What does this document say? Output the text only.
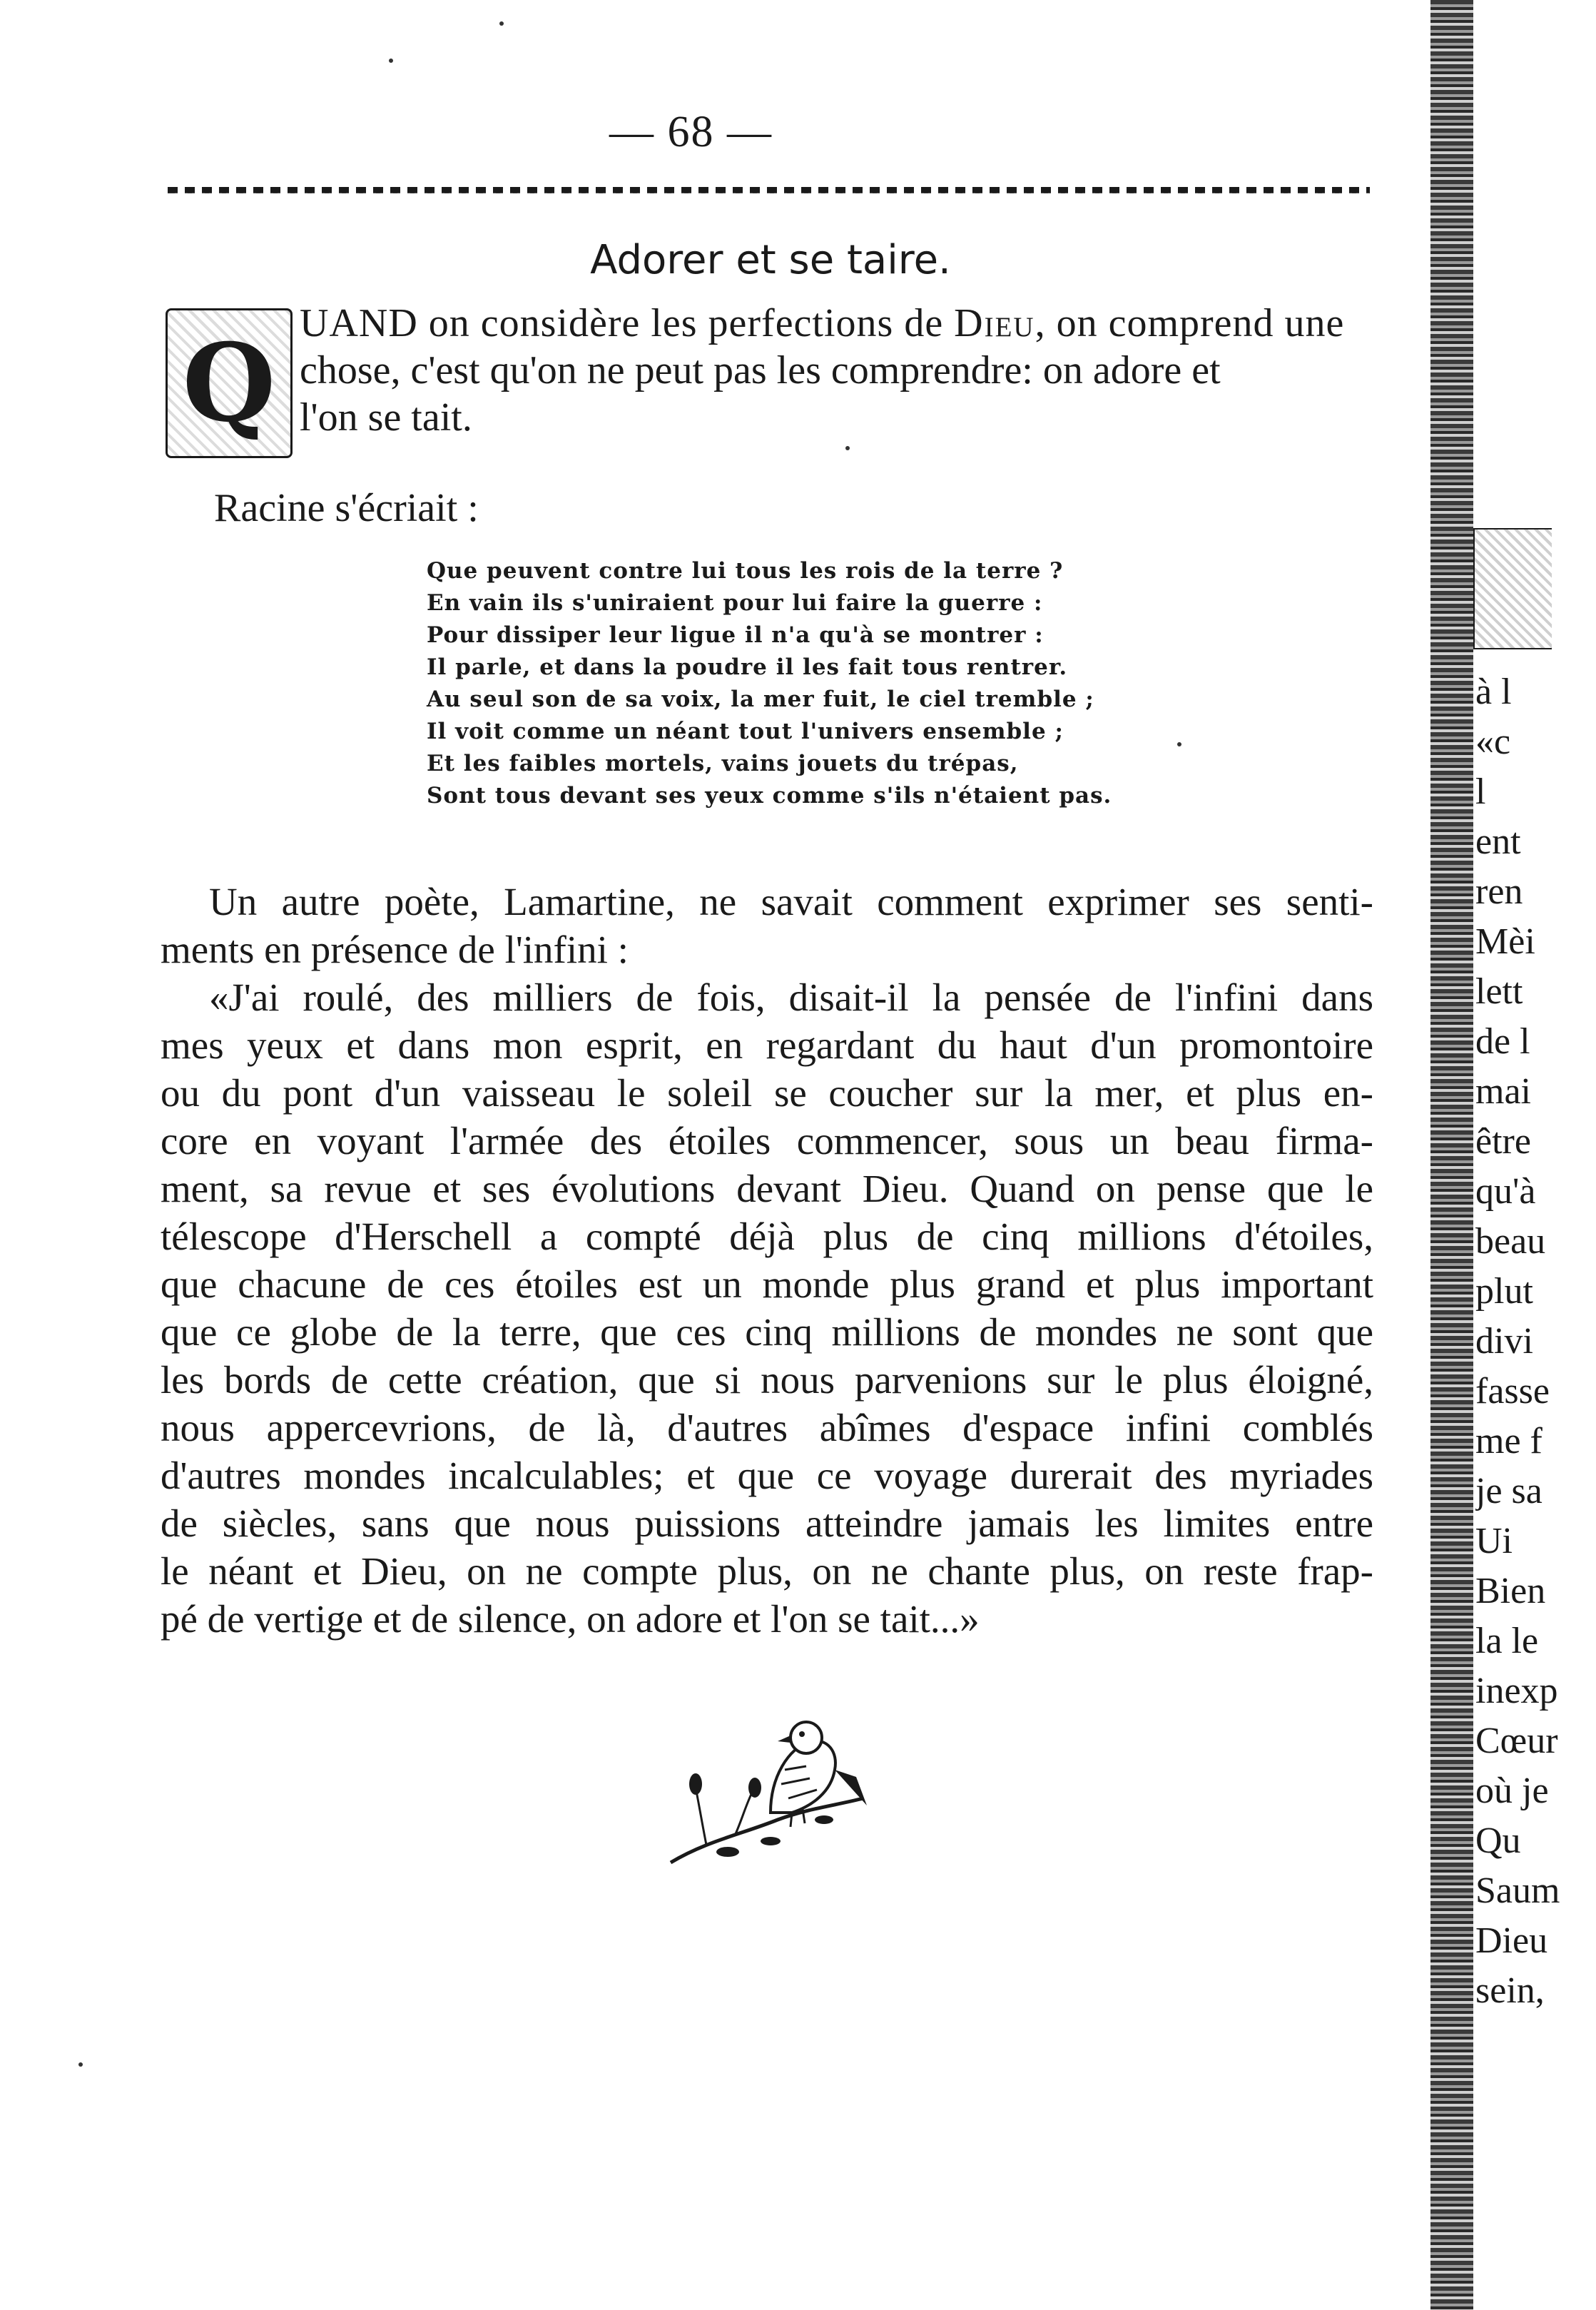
— 68 —
Adorer et se taire.
Q UAND on considère les perfections de Dieu, on comprend une
chose, c'est qu'on ne peut pas les comprendre: on adore et
l'on se tait.
Racine s'écriait :
Que peuvent contre lui tous les rois de la terre ?
En vain ils s'uniraient pour lui faire la guerre :
Pour dissiper leur ligue il n'a qu'à se montrer :
Il parle, et dans la poudre il les fait tous rentrer.
Au seul son de sa voix, la mer fuit, le ciel tremble ;
Il voit comme un néant tout l'univers ensemble ;
Et les faibles mortels, vains jouets du trépas,
Sont tous devant ses yeux comme s'ils n'étaient pas.
Un autre poète, Lamartine, ne savait comment exprimer ses senti-
ments en présence de l'infini :
«J'ai roulé, des milliers de fois, disait-il la pensée de l'infini dans
mes yeux et dans mon esprit, en regardant du haut d'un promontoire
ou du pont d'un vaisseau le soleil se coucher sur la mer, et plus en-
core en voyant l'armée des étoiles commencer, sous un beau firma-
ment, sa revue et ses évolutions devant Dieu. Quand on pense que le
télescope d'Herschell a compté déjà plus de cinq millions d'étoiles,
que chacune de ces étoiles est un monde plus grand et plus important
que ce globe de la terre, que ces cinq millions de mondes ne sont que
les bords de cette création, que si nous parvenions sur le plus éloigné,
nous appercevrions, de là, d'autres abîmes d'espace infini comblés
d'autres mondes incalculables; et que ce voyage durerait des myriades
de siècles, sans que nous puissions atteindre jamais les limites entre
le néant et Dieu, on ne compte plus, on ne chante plus, on reste frap-
pé de vertige et de silence, on adore et l'on se tait...»
à l
«c
l
ent
ren
Mèi
lett
de l
mai
être
qu'à
beau
plut
divi
fasse
me f
je sa
Ui
Bien
la le
inexp
Cœur
où je
Qu
Saum
Dieu
sein,
